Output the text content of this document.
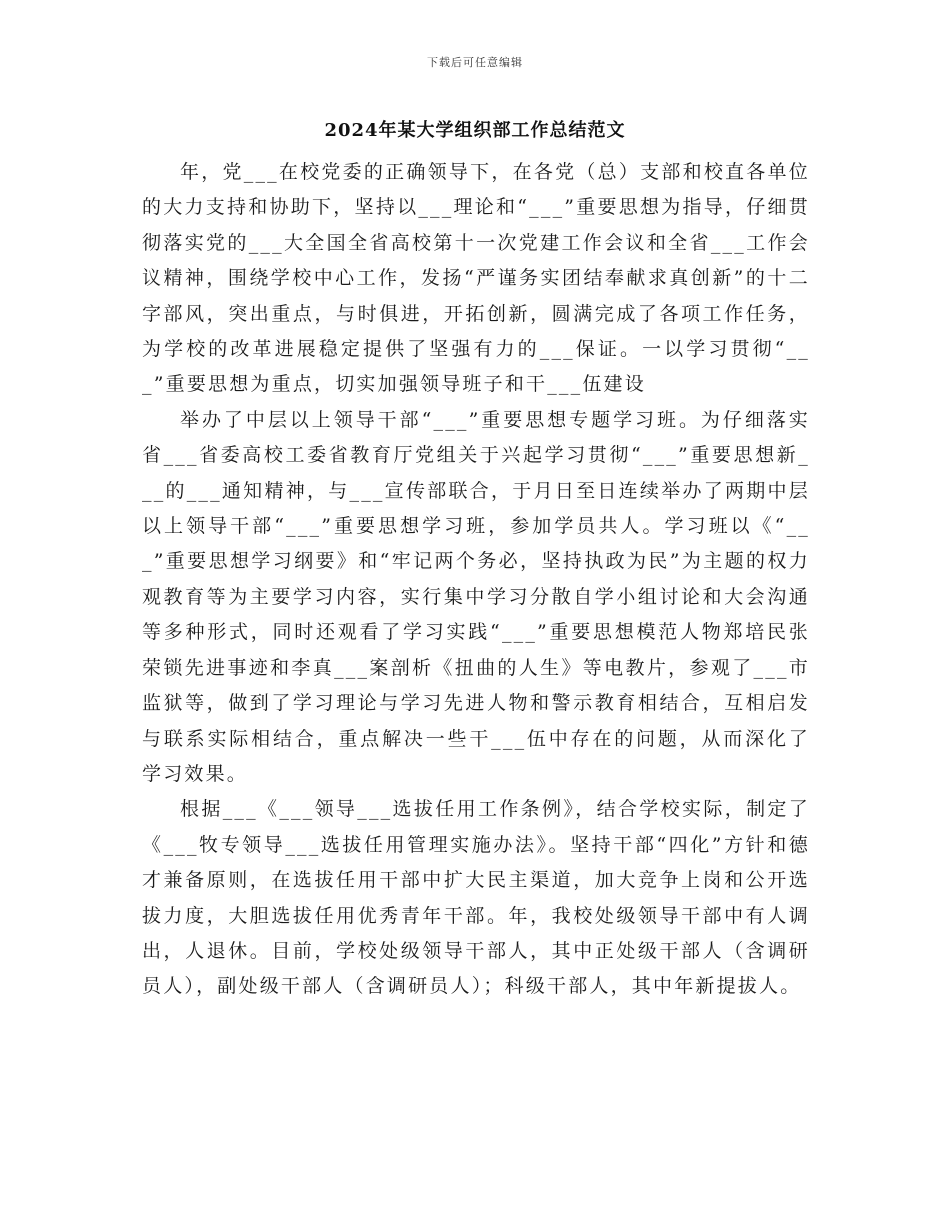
下载后可任意编辑
2024年某大学组织部工作总结范文

年，党___在校党委的正确领导下，在各党（总）支部和校直各单位的大力支持和协助下，坚持以___理论和“___”重要思想为指导，仔细贯彻落实党的___大全国全省高校第十一次党建工作会议和全省___工作会议精神，围绕学校中心工作，发扬“严谨务实团结奉献求真创新”的十二字部风，突出重点，与时俱进，开拓创新，圆满完成了各项工作任务，为学校的改革进展稳定提供了坚强有力的___保证。一以学习贯彻“___”重要思想为重点，切实加强领导班子和干___伍建设

举办了中层以上领导干部“___”重要思想专题学习班。为仔细落实省___省委高校工委省教育厅党组关于兴起学习贯彻“___”重要思想新___的___通知精神，与___宣传部联合，于月日至日连续举办了两期中层以上领导干部“___”重要思想学习班，参加学员共人。学习班以《“___”重要思想学习纲要》和“牢记两个务必，坚持执政为民”为主题的权力观教育等为主要学习内容，实行集中学习分散自学小组讨论和大会沟通等多种形式，同时还观看了学习实践“___”重要思想模范人物郑培民张荣锁先进事迹和李真___案剖析《扭曲的人生》等电教片，参观了___市监狱等，做到了学习理论与学习先进人物和警示教育相结合，互相启发与联系实际相结合，重点解决一些干___伍中存在的问题，从而深化了学习效果。

根据___《___领导___选拔任用工作条例》，结合学校实际，制定了《___牧专领导___选拔任用管理实施办法》。坚持干部“四化”方针和德才兼备原则，在选拔任用干部中扩大民主渠道，加大竞争上岗和公开选拔力度，大胆选拔任用优秀青年干部。年，我校处级领导干部中有人调出，人退休。目前，学校处级领导干部人，其中正处级干部人（含调研员人），副处级干部人（含调研员人）；科级干部人，其中年新提拔人。
